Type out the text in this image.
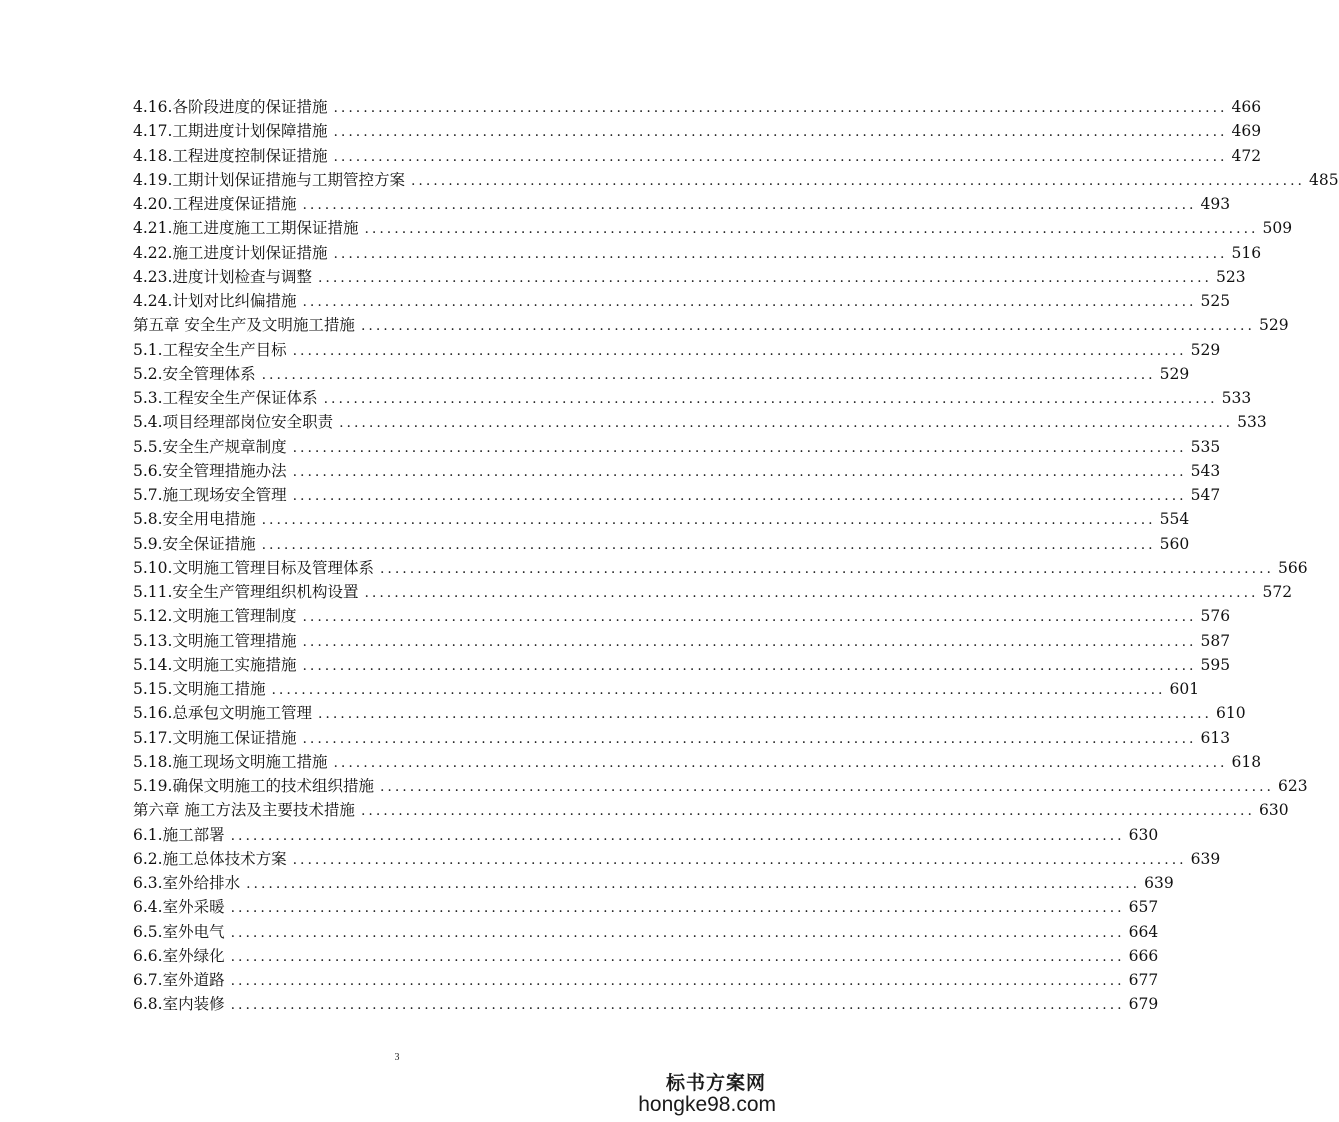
4.16.各阶段进度的保证措施 ........................................................................................................................ 466
4.17.工期进度计划保障措施 ........................................................................................................................ 469
4.18.工程进度控制保证措施 ........................................................................................................................ 472
4.19.工期计划保证措施与工期管控方案 ........................................................................................................................ 485
4.20.工程进度保证措施 ........................................................................................................................ 493
4.21.施工进度施工工期保证措施 ........................................................................................................................ 509
4.22.施工进度计划保证措施 ........................................................................................................................ 516
4.23.进度计划检查与调整 ........................................................................................................................ 523
4.24.计划对比纠偏措施 ........................................................................................................................ 525
第五章 安全生产及文明施工措施 ........................................................................................................................ 529
5.1.工程安全生产目标 ........................................................................................................................ 529
5.2.安全管理体系 ........................................................................................................................ 529
5.3.工程安全生产保证体系 ........................................................................................................................ 533
5.4.项目经理部岗位安全职责 ........................................................................................................................ 533
5.5.安全生产规章制度 ........................................................................................................................ 535
5.6.安全管理措施办法 ........................................................................................................................ 543
5.7.施工现场安全管理 ........................................................................................................................ 547
5.8.安全用电措施 ........................................................................................................................ 554
5.9.安全保证措施 ........................................................................................................................ 560
5.10.文明施工管理目标及管理体系 ........................................................................................................................ 566
5.11.安全生产管理组织机构设置 ........................................................................................................................ 572
5.12.文明施工管理制度 ........................................................................................................................ 576
5.13.文明施工管理措施 ........................................................................................................................ 587
5.14.文明施工实施措施 ........................................................................................................................ 595
5.15.文明施工措施 ........................................................................................................................ 601
5.16.总承包文明施工管理 ........................................................................................................................ 610
5.17.文明施工保证措施 ........................................................................................................................ 613
5.18.施工现场文明施工措施 ........................................................................................................................ 618
5.19.确保文明施工的技术组织措施 ........................................................................................................................ 623
第六章 施工方法及主要技术措施 ........................................................................................................................ 630
6.1.施工部署 ........................................................................................................................ 630
6.2.施工总体技术方案 ........................................................................................................................ 639
6.3.室外给排水 ........................................................................................................................ 639
6.4.室外采暖 ........................................................................................................................ 657
6.5.室外电气 ........................................................................................................................ 664
6.6.室外绿化 ........................................................................................................................ 666
6.7.室外道路 ........................................................................................................................ 677
6.8.室内装修 ........................................................................................................................ 679
3
标书方案网
hongke98.com
